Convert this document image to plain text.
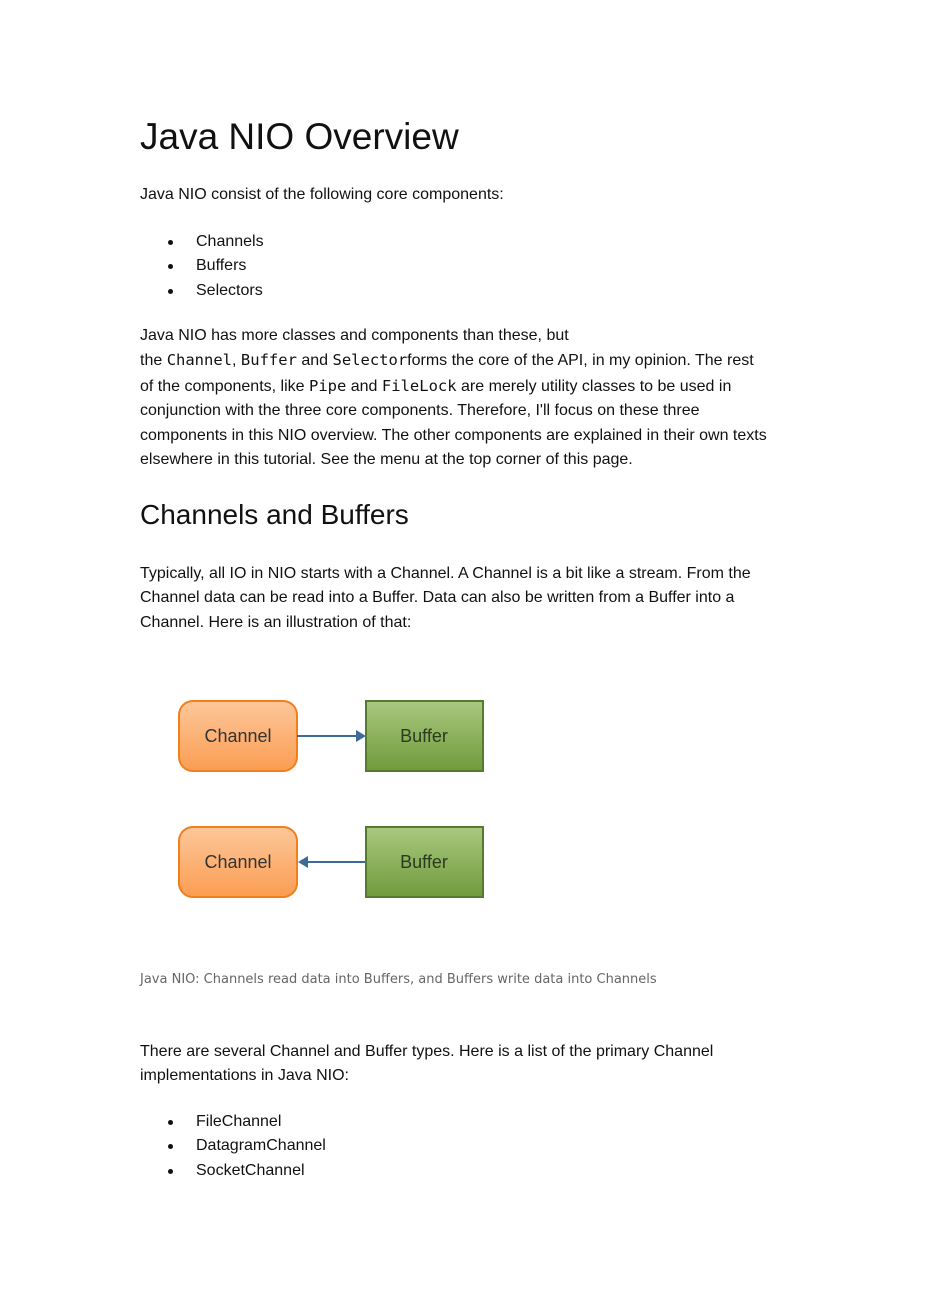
Java NIO Overview
Java NIO consist of the following core components:
Channels
Buffers
Selectors
Java NIO has more classes and components than these, but
the Channel, Buffer and Selectorforms the core of the API, in my opinion. The rest
of the components, like Pipe and FileLock are merely utility classes to be used in
conjunction with the three core components. Therefore, I'll focus on these three components in this NIO overview. The other components are explained in their own texts elsewhere in this tutorial. See the menu at the top corner of this page.
Channels and Buffers
Typically, all IO in NIO starts with a Channel. A Channel is a bit like a stream. From the Channel data can be read into a Buffer. Data can also be written from a Buffer into a Channel. Here is an illustration of that:
Channel	Buffer
Channel	Buffer
Java NIO: Channels read data into Buffers, and Buffers write data into Channels
There are several Channel and Buffer types. Here is a list of the primary Channel implementations in Java NIO:
FileChannel
DatagramChannel
SocketChannel
